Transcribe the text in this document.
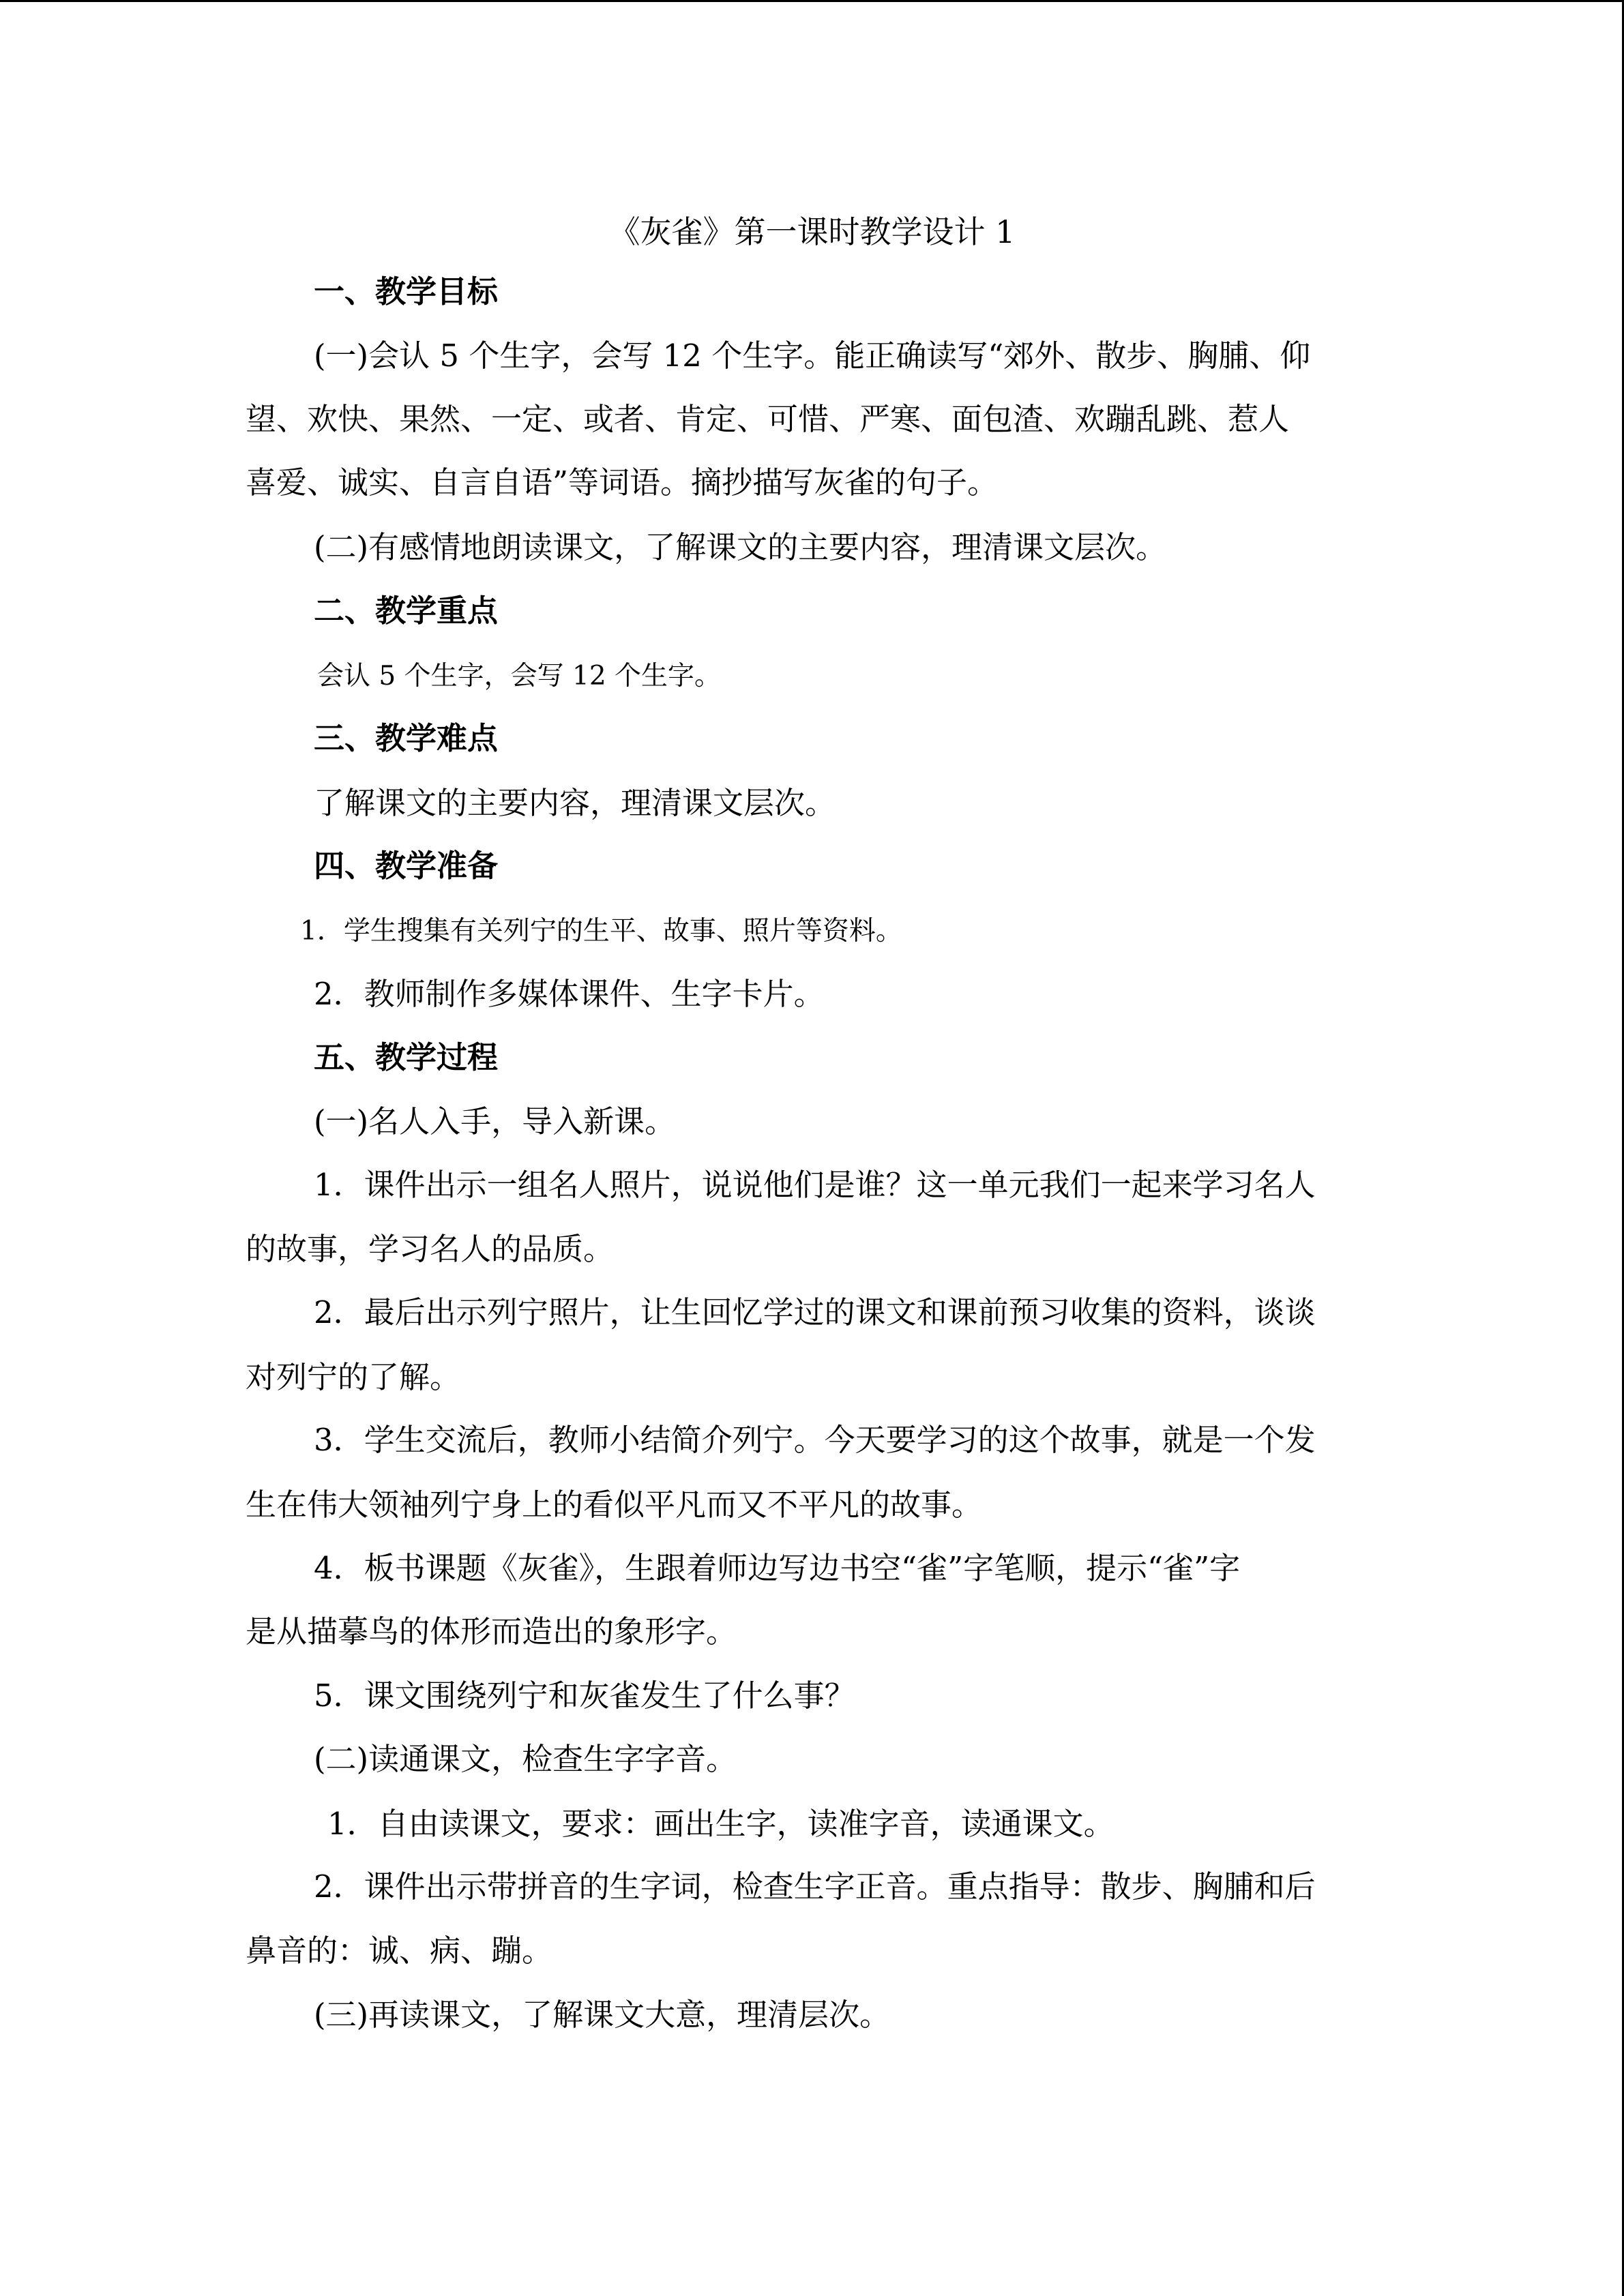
《灰雀》第一课时教学设计 1
一、教学目标
(一)会认 5 个生字，会写 12 个生字。能正确读写“郊外、散步、胸脯、仰
望、欢快、果然、一定、或者、肯定、可惜、严寒、面包渣、欢蹦乱跳、惹人
喜爱、诚实、自言自语”等词语。摘抄描写灰雀的句子。
(二)有感情地朗读课文，了解课文的主要内容，理清课文层次。
二、教学重点
会认 5 个生字，会写 12 个生字。
三、教学难点
了解课文的主要内容，理清课文层次。
四、教学准备
1．学生搜集有关列宁的生平、故事、照片等资料。
2．教师制作多媒体课件、生字卡片。
五、教学过程
(一)名人入手，导入新课。
1．课件出示一组名人照片，说说他们是谁？这一单元我们一起来学习名人
的故事，学习名人的品质。
2．最后出示列宁照片，让生回忆学过的课文和课前预习收集的资料，谈谈
对列宁的了解。
3．学生交流后，教师小结简介列宁。今天要学习的这个故事，就是一个发
生在伟大领袖列宁身上的看似平凡而又不平凡的故事。
4．板书课题《灰雀》，生跟着师边写边书空“雀”字笔顺，提示“雀”字
是从描摹鸟的体形而造出的象形字。
5．课文围绕列宁和灰雀发生了什么事？
(二)读通课文，检查生字字音。
1．自由读课文，要求：画出生字，读准字音，读通课文。
2．课件出示带拼音的生字词，检查生字正音。重点指导：散步、胸脯和后
鼻音的：诚、病、蹦。
(三)再读课文，了解课文大意，理清层次。
